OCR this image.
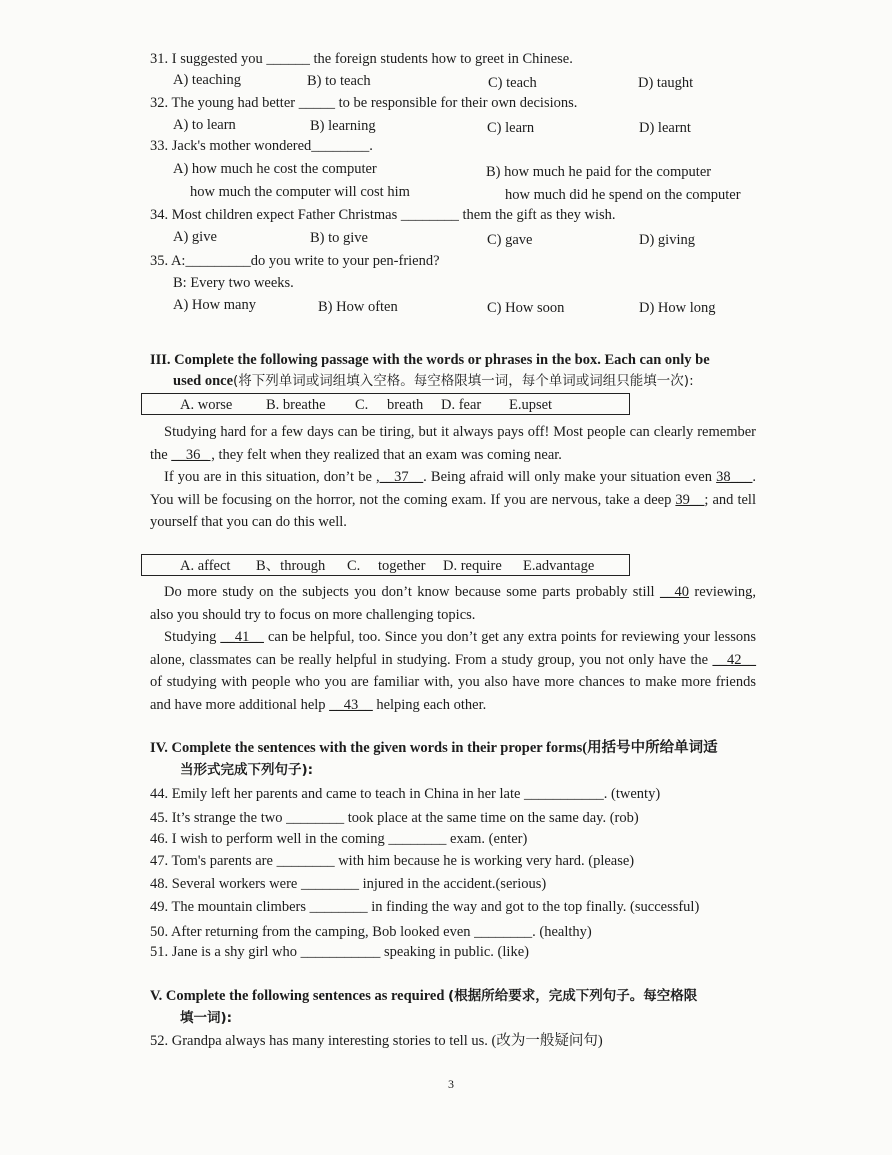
31. I suggested you ______ the foreign students how to greet in Chinese.
A) teaching	B) to teach	C) teach	D) taught
32. The young had better _____ to be responsible for their own decisions.
A) to learn	B) learning	C) learn	D) learnt
33. Jack's mother wondered________.
A) how much he cost the computer	B) how much he paid for the computer
how much the computer will cost him	how much did he spend on the computer
34. Most children expect Father Christmas ________ them the gift as they wish.
A) give	B) to give	C) gave	D) giving
35. A:_________do you write to your pen-friend?
B: Every two weeks.
A) How many	B) How often	C) How soon	D) How long
III. Complete the following passage with the words or phrases in the box. Each can only be
used once(将下列单词或词组填入空格。每空格限填一词，每个单词或词组只能填一次):
A. worse B. breathe C. breath D. fear E.upset

Studying hard for a few days can be tiring, but it always pays off! Most people can clearly remember the __36_ , they felt when they realized that an exam was coming near.

If you are in this situation, don’t be ,__37__. Being afraid will only make your situation even 38___. You will be focusing on the horror, not the coming exam. If you are nervous, take a deep 39__; and tell yourself that you can do this well.

A. affect B、through C. together D. require E.advantage

Do more study on the subjects you don’t know because some parts probably still __40 reviewing, also you should try to focus on more challenging topics.

Studying __41__ can be helpful, too. Since you don’t get any extra points for reviewing your lessons alone, classmates can be really helpful in studying. From a study group, you not only have the __42__ of studying with people who you are familiar with, you also have more chances to make more friends and have more additional help __43__ helping each other.

IV. Complete the sentences with the given words in their proper forms(用括号中所给单词适
当形式完成下列句子):
44. Emily left her parents and came to teach in China in her late ___________. (twenty)
45. It’s strange the two ________ took place at the same time on the same day. (rob)
46. I wish to perform well in the coming ________ exam. (enter)
47. Tom's parents are ________ with him because he is working very hard. (please)
48. Several workers were ________ injured in the accident.(serious)
49. The mountain climbers ________ in finding the way and got to the top finally. (successful)
50. After returning from the camping, Bob looked even ________. (healthy)
51. Jane is a shy girl who ___________ speaking in public. (like)
V. Complete the following sentences as required (根据所给要求，完成下列句子。每空格限
填一词):
52. Grandpa always has many interesting stories to tell us. (改为一般疑问句)
3
